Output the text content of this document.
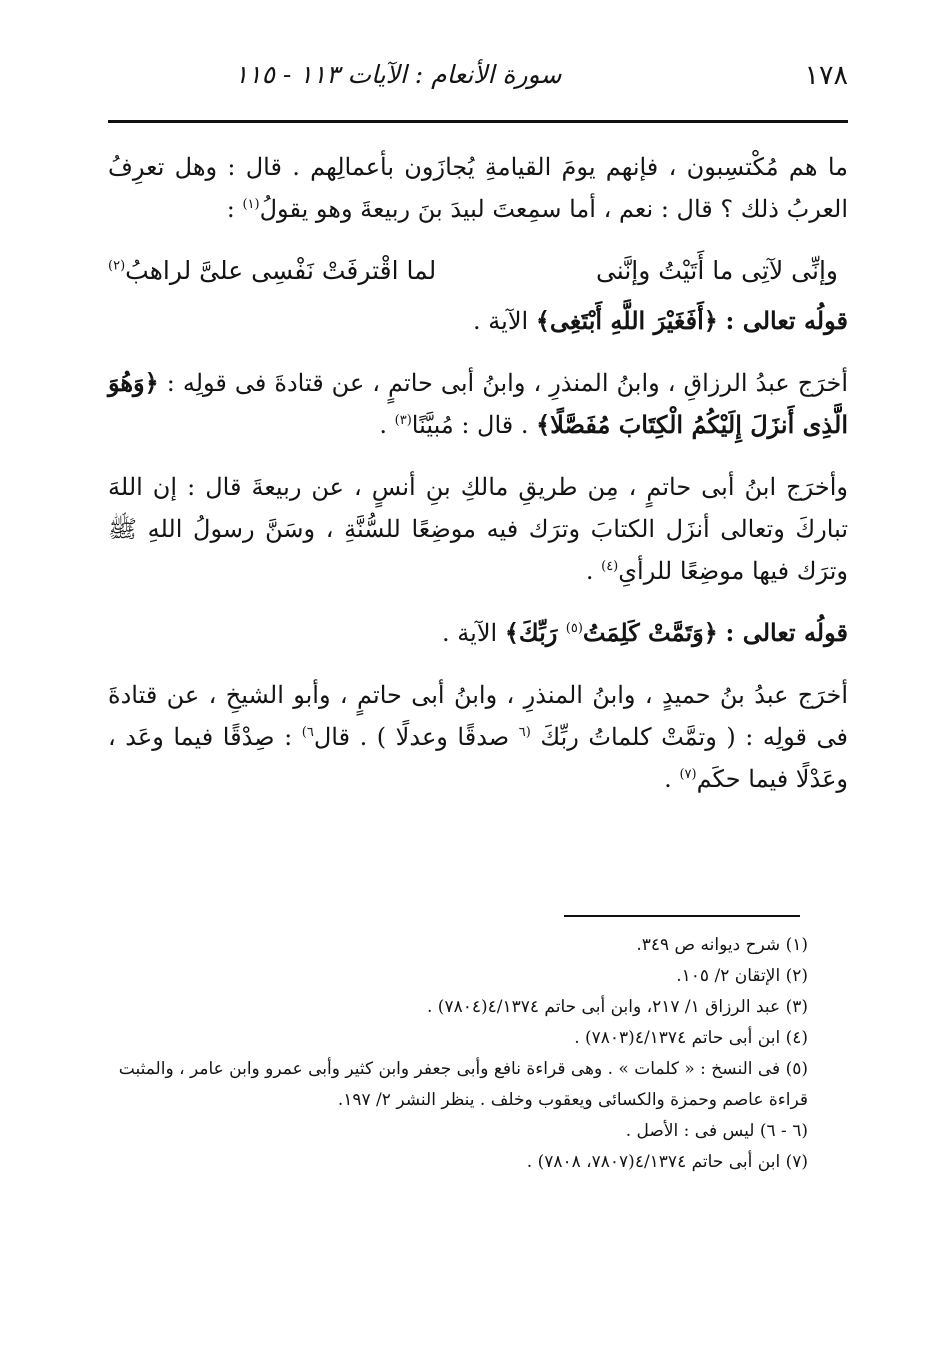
١٧٨
سورة الأنعام : الآيات ١١٣ - ١١٥

ما هم مُكْتسِبون ، فإنهم يومَ القيامةِ يُجازَون بأعمالِهم . قال : وهل تعرِفُ العربُ ذلك ؟ قال : نعم ، أما سمِعتَ لبيدَ بنَ ربيعةَ وهو يقولُ$^{(١)}$ :

وإنِّى لآتِى ما أَتَيْتُ وإنَّنى
لما اقْترفَتْ نَفْسِى علىَّ لراهبُ$^{(٢)}$

قولُه تعالى : ﴿أَفَغَيْرَ اللَّهِ أَبْتَغِى﴾ الآية .

أخرَج عبدُ الرزاقِ ، وابنُ المنذرِ ، وابنُ أبى حاتمٍ ، عن قتادةَ فى قولِه : ﴿وَهُوَ الَّذِى أَنزَلَ إِلَيْكُمُ الْكِتَابَ مُفَصَّلًا﴾ . قال : مُبيَّنًا$^{(٣)}$ .

وأخرَج ابنُ أبى حاتمٍ ، مِن طريقِ مالكِ بنِ أنسٍ ، عن ربيعةَ قال : إن اللهَ تباركَ وتعالى أنزَل الكتابَ وترَك فيه موضِعًا للسُّنَّةِ ، وسَنَّ رسولُ اللهِ ﷺ وترَك فيها موضِعًا للرأىِ$^{(٤)}$ .

قولُه تعالى : ﴿وَتَمَّتْ كَلِمَتُ$^{(٥)}$ رَبِّكَ﴾ الآية .

أخرَج عبدُ بنُ حميدٍ ، وابنُ المنذرِ ، وابنُ أبى حاتمٍ ، وأبو الشيخِ ، عن قتادةَ فى قولِه : ( وتمَّتْ كلماتُ ربِّكَ $^{(٦}$ صدقًا وعدلًا ) . قال$^{٦)}$ : صِدْقًا فيما وعَد ، وعَدْلًا فيما حكَم$^{(٧)}$ .

(١) شرح ديوانه ص ٣٤٩.
(٢) الإتقان ٢/ ١٠٥.
(٣) عبد الرزاق ١/ ٢١٧، وابن أبى حاتم ٤/١٣٧٤(٧٨٠٤) .
(٤) ابن أبى حاتم ٤/١٣٧٤(٧٨٠٣) .
(٥) فى النسخ : « كلمات » . وهى قراءة نافع وأبى جعفر وابن كثير وأبى عمرو وابن عامر ، والمثبت قراءة عاصم وحمزة والكسائى ويعقوب وخلف . ينظر النشر ٢/ ١٩٧.
(٦ - ٦) ليس فى : الأصل .
(٧) ابن أبى حاتم ٤/١٣٧٤(٧٨٠٧، ٧٨٠٨) .
